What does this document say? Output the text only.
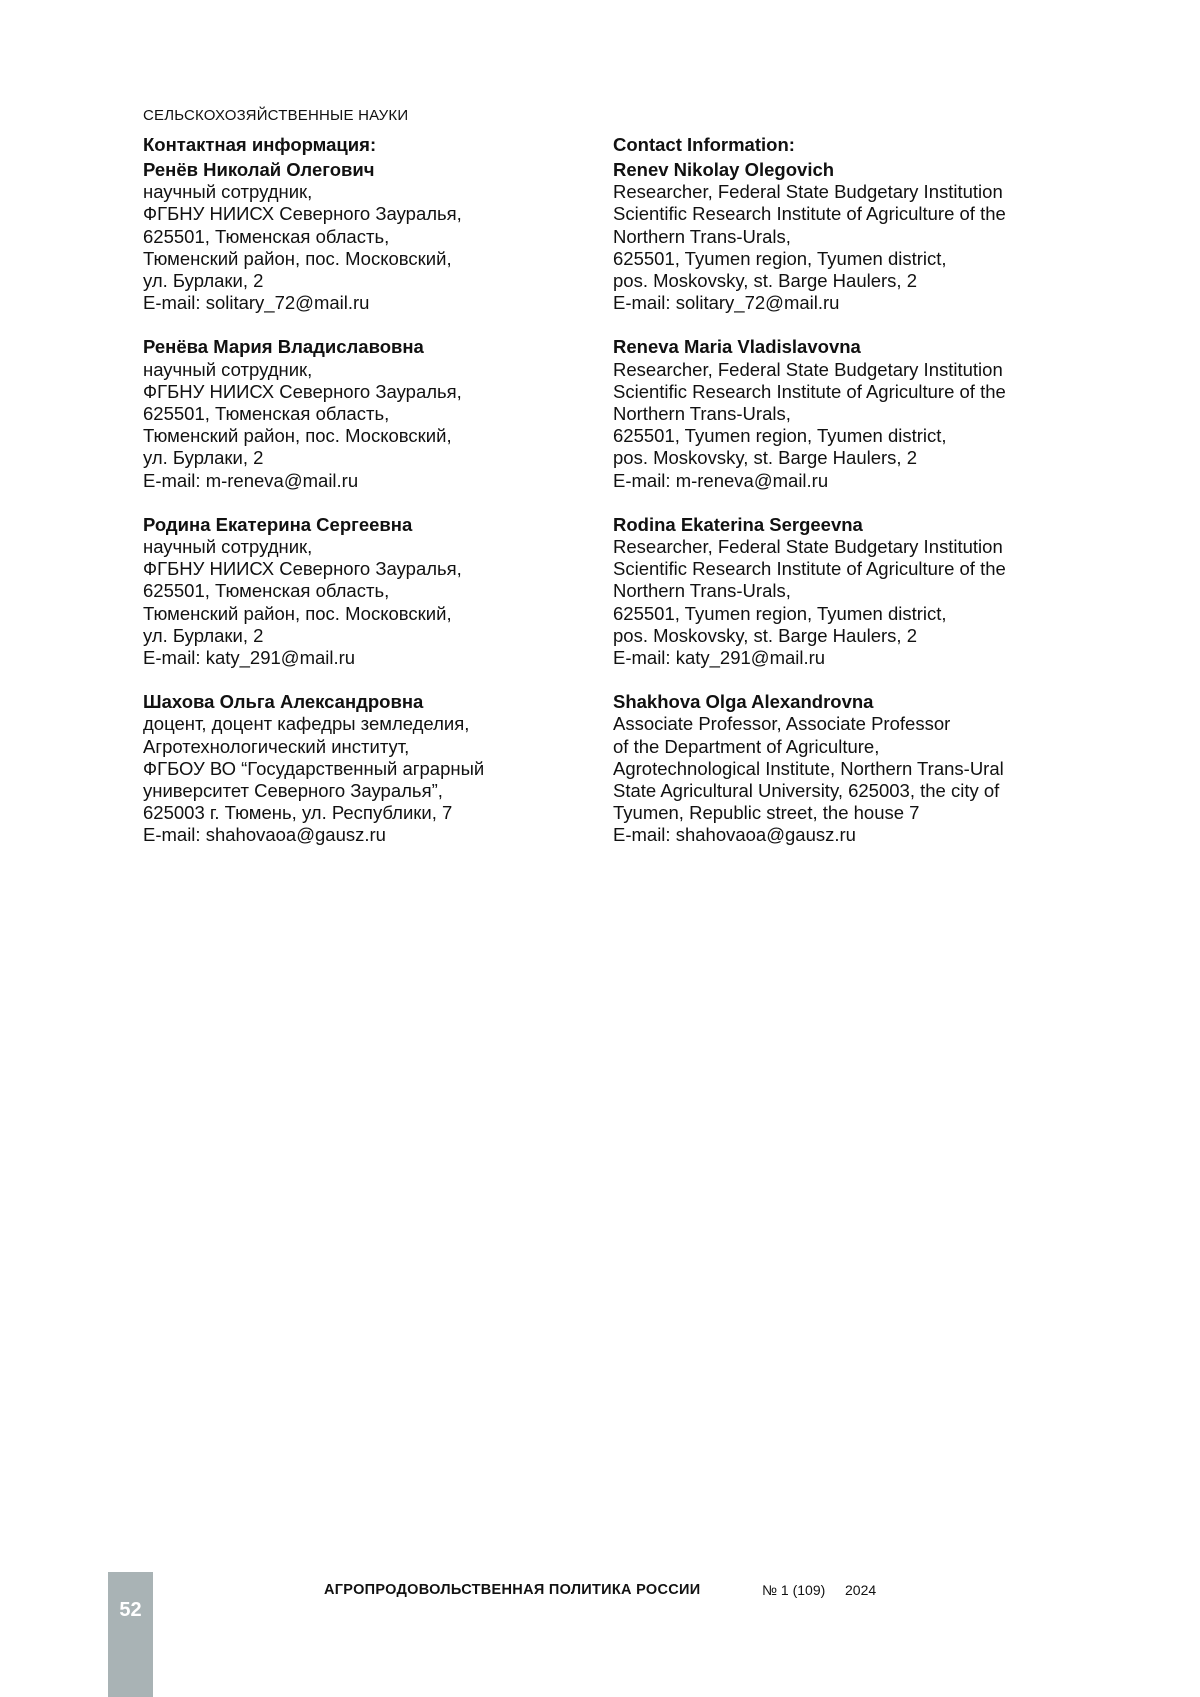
СЕЛЬСКОХОЗЯЙСТВЕННЫЕ НАУКИ
Контактная информация:
Ренёв Николай Олегович
научный сотрудник,
ФГБНУ НИИСХ Северного Зауралья,
625501, Тюменская область,
Тюменский район, пос. Московский,
ул. Бурлаки, 2
E-mail: solitary_72@mail.ru
Ренёва Мария Владиславовна
научный сотрудник,
ФГБНУ НИИСХ Северного Зауралья,
625501, Тюменская область,
Тюменский район, пос. Московский,
ул. Бурлаки, 2
E-mail: m-reneva@mail.ru
Родина Екатерина Сергеевна
научный сотрудник,
ФГБНУ НИИСХ Северного Зауралья,
625501, Тюменская область,
Тюменский район, пос. Московский,
ул. Бурлаки, 2
E-mail: katy_291@mail.ru
Шахова Ольга Александровна
доцент, доцент кафедры земледелия,
Агротехнологический институт,
ФГБОУ ВО “Государственный аграрный
университет Северного Зауралья”,
625003 г. Тюмень, ул. Республики, 7
E-mail: shahovaoa@gausz.ru
Contact Information:
Renev Nikolay Olegovich
Researcher, Federal State Budgetary Institution
Scientific Research Institute of Agriculture of the
Northern Trans-Urals,
625501, Tyumen region, Tyumen district,
pos. Moskovsky, st. Barge Haulers, 2
E-mail: solitary_72@mail.ru
Reneva Maria Vladislavovna
Researcher, Federal State Budgetary Institution
Scientific Research Institute of Agriculture of the
Northern Trans-Urals,
625501, Tyumen region, Tyumen district,
pos. Moskovsky, st. Barge Haulers, 2
E-mail: m-reneva@mail.ru
Rodina Ekaterina Sergeevna
Researcher, Federal State Budgetary Institution
Scientific Research Institute of Agriculture of the
Northern Trans-Urals,
625501, Tyumen region, Tyumen district,
pos. Moskovsky, st. Barge Haulers, 2
E-mail: katy_291@mail.ru
Shakhova Olga Alexandrovna
Associate Professor, Associate Professor
of the Department of Agriculture,
Agrotechnological Institute, Northern Trans-Ural
State Agricultural University, 625003, the city of
Tyumen, Republic street, the house 7
E-mail: shahovaoa@gausz.ru
52
АГРОПРОДОВОЛЬСТВЕННАЯ ПОЛИТИКА РОССИИ	№ 1 (109) 2024
